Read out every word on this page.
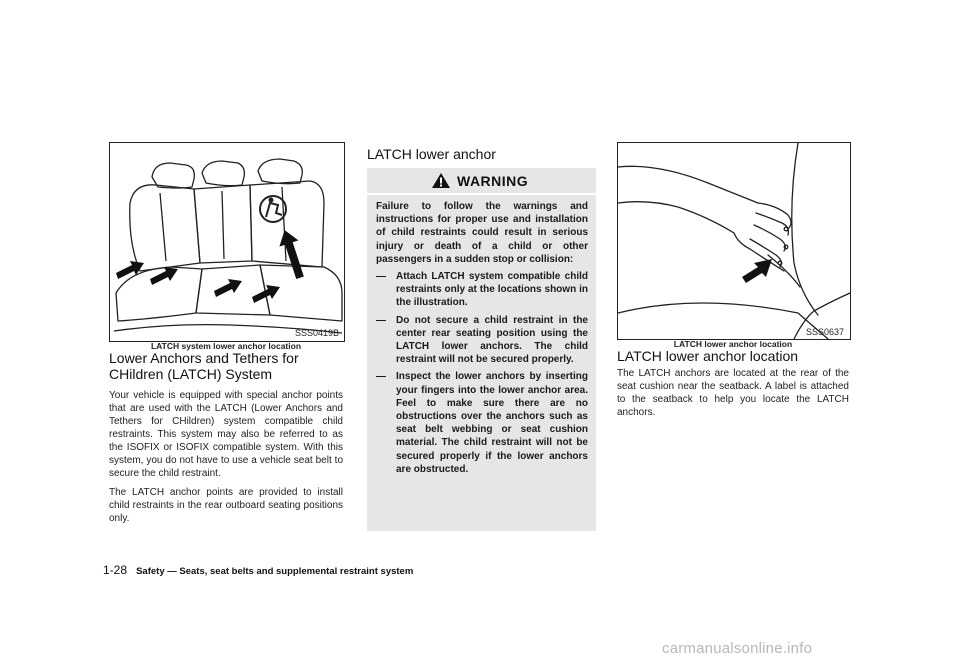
SSS0419B
LATCH system lower anchor location
Lower Anchors and Tethers for CHildren (LATCH) System

Your vehicle is equipped with special anchor points that are used with the LATCH (Lower Anchors and Tethers for CHildren) system compatible child restraints. This system may also be referred to as the ISOFIX or ISOFIX compatible system. With this system, you do not have to use a vehicle seat belt to secure the child restraint.

The LATCH anchor points are provided to install child restraints in the rear outboard seating positions only.

LATCH lower anchor
WARNING

Failure to follow the warnings and instructions for proper use and installation of child restraints could result in serious injury or death of a child or other passengers in a sudden stop or collision:

— Attach LATCH system compatible child restraints only at the locations shown in the illustration.
— Do not secure a child restraint in the center rear seating position using the LATCH lower anchors. The child restraint will not be secured properly.
— Inspect the lower anchors by inserting your fingers into the lower anchor area. Feel to make sure there are no obstructions over the anchors such as seat belt webbing or seat cushion material. The child restraint will not be secured properly if the lower anchors are obstructed.
SSS0637
LATCH lower anchor location
LATCH lower anchor location

The LATCH anchors are located at the rear of the seat cushion near the seatback. A label is attached to the seatback to help you locate the LATCH anchors.

1-28 Safety — Seats, seat belts and supplemental restraint system
carmanualsonline.info
